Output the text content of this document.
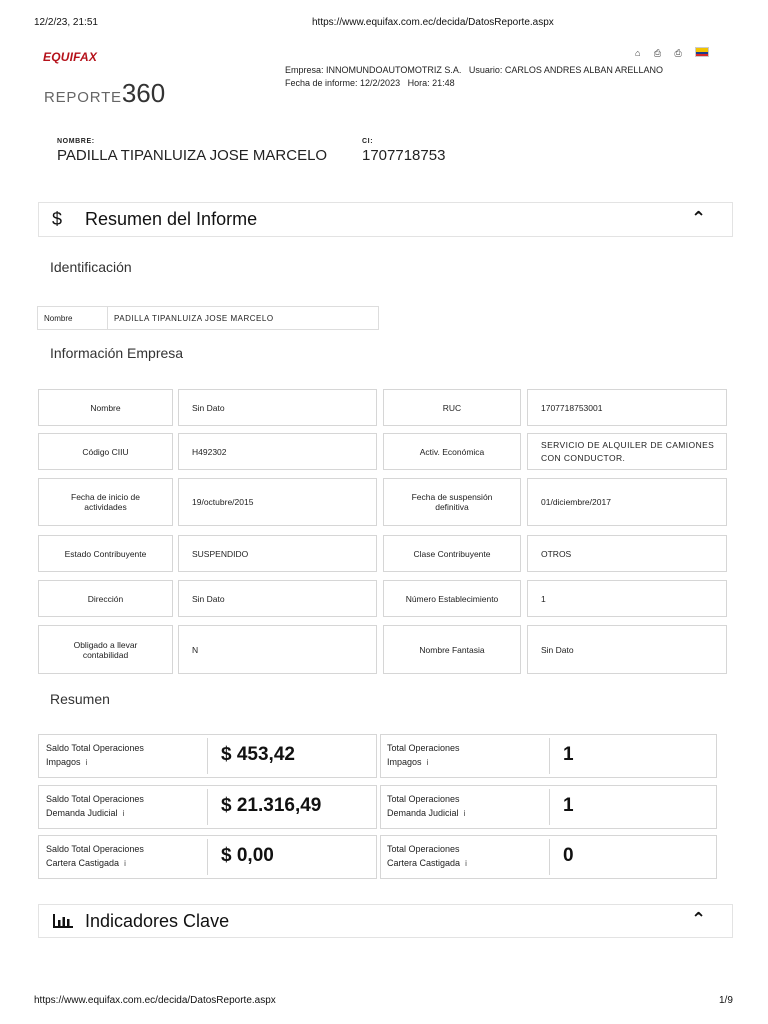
12/2/23, 21:51	https://www.equifax.com.ec/decida/DatosReporte.aspx
⌂ ⎙ ⎙
EQUIFAX
REPORTE360
Empresa: INNOMUNDOAUTOMOTRIZ S.A. Usuario: CARLOS ANDRES ALBAN ARELLANO
Fecha de informe: 12/2/2023 Hora: 21:48
NOMBRE:
PADILLA TIPANLUIZA JOSE MARCELO
CI:
1707718753
$ Resumen del Informe	⌃
Identificación
Nombre	PADILLA TIPANLUIZA JOSE MARCELO
Información Empresa
Nombre	Sin Dato	RUC	1707718753001
Código CIIU	H492302	Activ. Económica
SERVICIO DE ALQUILER DE CAMIONES CON CONDUCTOR.
Fecha de inicio de actividades	19/octubre/2015	Fecha de suspensión definitiva	01/diciembre/2017
Estado Contribuyente	SUSPENDIDO	Clase Contribuyente	OTROS
Dirección	Sin Dato	Número Establecimiento	1
Obligado a llevar contabilidad	N	Nombre Fantasia	Sin Dato
Resumen
Saldo Total Operaciones
Impagos i	$ 453,42	Total Operaciones
Impagos i	1
Saldo Total Operaciones
Demanda Judicial i	$ 21.316,49	Total Operaciones
Demanda Judicial i	1
Saldo Total Operaciones
Cartera Castigada i	$ 0,00	Total Operaciones
Cartera Castigada i	0
Indicadores Clave	⌃
https://www.equifax.com.ec/decida/DatosReporte.aspx	1/9
